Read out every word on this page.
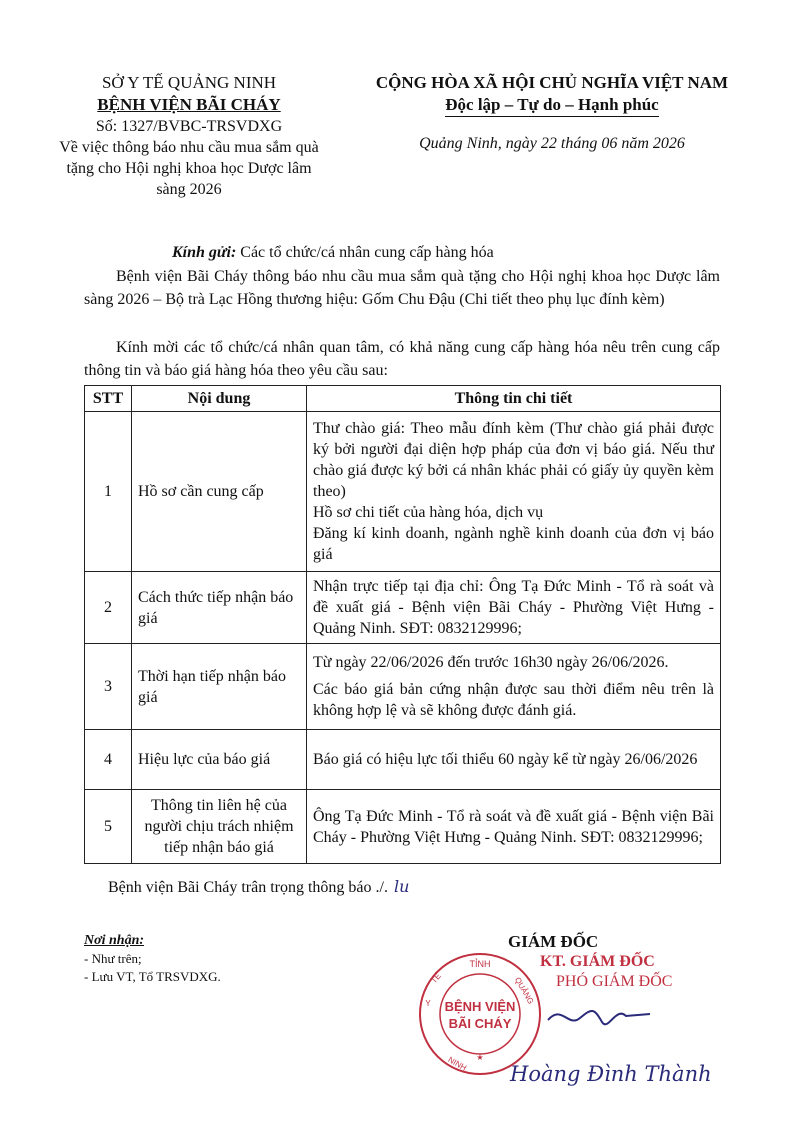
SỞ Y TẾ QUẢNG NINH
BỆNH VIỆN BÃI CHÁY
Số: 1327/BVBC-TRSVDXG
Về việc thông báo nhu cầu mua sắm quà tặng cho Hội nghị khoa học Dược lâm sàng 2026
CỘNG HÒA XÃ HỘI CHỦ NGHĨA VIỆT NAM
Độc lập – Tự do – Hạnh phúc
Quảng Ninh, ngày 22 tháng 06 năm 2026
Kính gửi: Các tổ chức/cá nhân cung cấp hàng hóa
Bệnh viện Bãi Cháy thông báo nhu cầu mua sắm quà tặng cho Hội nghị khoa học Dược lâm sàng 2026 – Bộ trà Lạc Hồng thương hiệu: Gốm Chu Đậu (Chi tiết theo phụ lục đính kèm)
Kính mời các tổ chức/cá nhân quan tâm, có khả năng cung cấp hàng hóa nêu trên cung cấp thông tin và báo giá hàng hóa theo yêu cầu sau:
STT	Nội dung	Thông tin chi tiết
1	Hồ sơ cần cung cấp	Thư chào giá: Theo mẫu đính kèm (Thư chào giá phải được ký bởi người đại diện hợp pháp của đơn vị báo giá. Nếu thư chào giá được ký bởi cá nhân khác phải có giấy ủy quyền kèm theo)

Hồ sơ chi tiết của hàng hóa, dịch vụ

Đăng kí kinh doanh, ngành nghề kinh doanh của đơn vị báo giá

2	Cách thức tiếp nhận báo giá	Nhận trực tiếp tại địa chỉ: Ông Tạ Đức Minh - Tổ rà soát và đề xuất giá - Bệnh viện Bãi Cháy - Phường Việt Hưng - Quảng Ninh. SĐT: 0832129996;

3	Thời hạn tiếp nhận báo giá	Từ ngày 22/06/2026 đến trước 16h30 ngày 26/06/2026.

Các báo giá bản cứng nhận được sau thời điểm nêu trên là không hợp lệ và sẽ không được đánh giá.

4	Hiệu lực của báo giá	Báo giá có hiệu lực tối thiểu 60 ngày kể từ ngày 26/06/2026

5	Thông tin liên hệ của người chịu trách nhiệm tiếp nhận báo giá	Ông Tạ Đức Minh - Tổ rà soát và đề xuất giá - Bệnh viện Bãi Cháy - Phường Việt Hưng - Quảng Ninh. SĐT: 0832129996;

Bệnh viện Bãi Cháy trân trọng thông báo ./. lu
Nơi nhận:
- Như trên;
- Lưu VT, Tổ TRSVDXG.
GIÁM ĐỐC
TỈNH
QUẢNG
NINH
Y
TẾ
BỆNH VIỆN
BÃI CHÁY
★
KT. GIÁM ĐỐC
PHÓ GIÁM ĐỐC
Hoàng Đình Thành
